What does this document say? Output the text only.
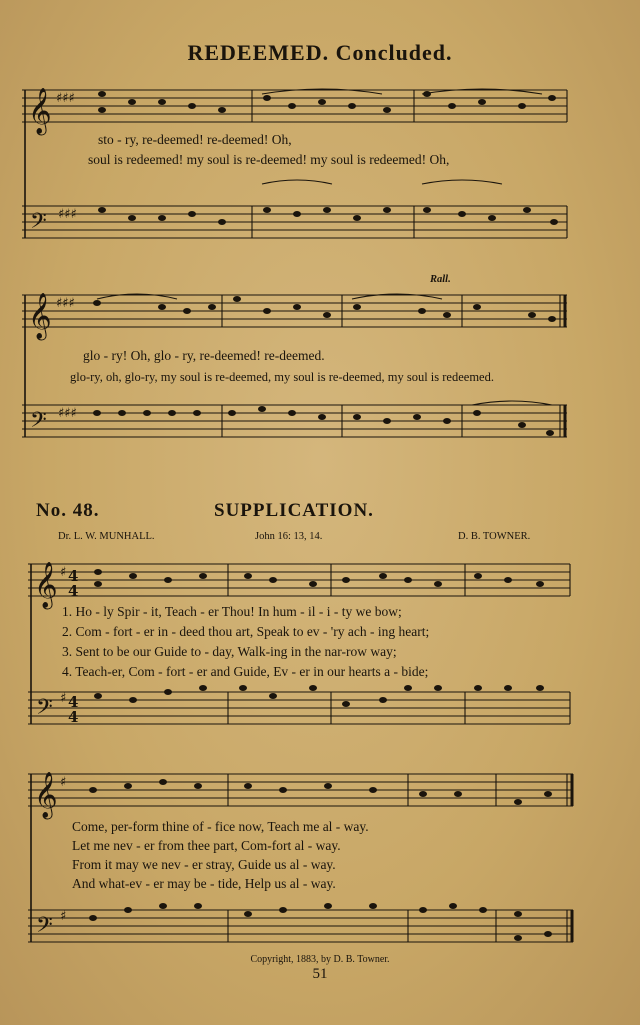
REDEEMED. Concluded.
𝄞
𝄢
♯♯♯
♯♯♯
sto - ry, re-deemed! re-deemed! Oh,
soul is redeemed! my soul is re-deemed! my soul is redeemed! Oh,
Rall.
𝄞
𝄢
♯♯♯
♯♯♯
glo - ry! Oh, glo - ry, re-deemed! re-deemed.
glo-ry, oh, glo-ry, my soul is re-deemed, my soul is re-deemed, my soul is redeemed.
No. 48.	SUPPLICATION.
Dr. L. W. MUNHALL.	John 16: 13, 14.	D. B. TOWNER.
𝄞
𝄢
♯
♯
4
4
4
4
1. Ho - ly Spir - it, Teach - er Thou! In hum - il - i - ty we bow;
2. Com - fort - er in - deed thou art, Speak to ev - 'ry ach - ing heart;
3. Sent to be our Guide to - day, Walk-ing in the nar-row way;
4. Teach-er, Com - fort - er and Guide, Ev - er in our hearts a - bide;
𝄞
𝄢
♯
♯
Come, per-form thine of - fice now, Teach me al - way.
Let me nev - er from thee part, Com-fort al - way.
From it may we nev - er stray, Guide us al - way.
And what-ev - er may be - tide, Help us al - way.
Copyright, 1883, by D. B. Towner.
51
